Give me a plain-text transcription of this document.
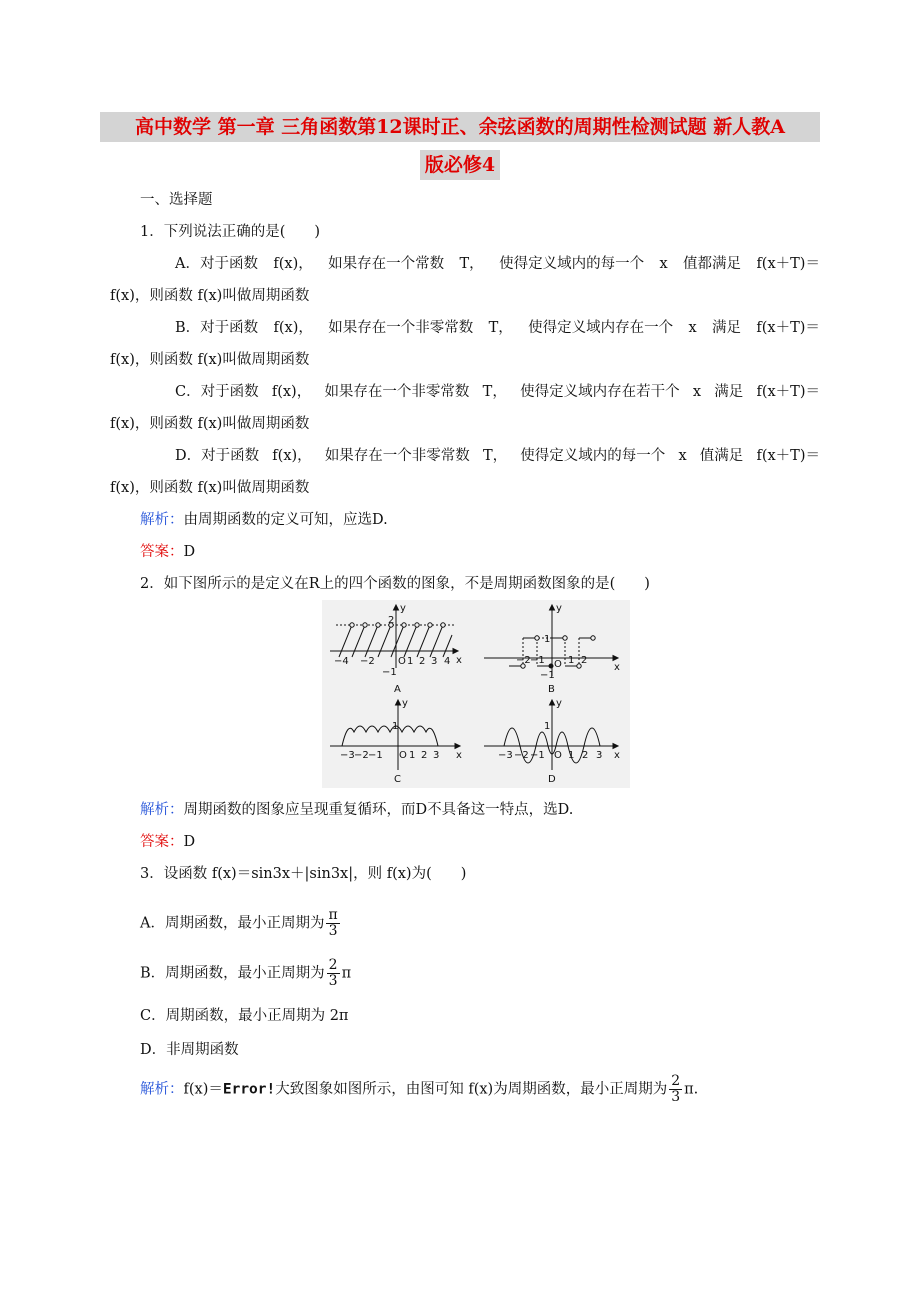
高中数学 第一章 三角函数第12课时正、余弦函数的周期性检测试题 新人教A
版必修4
一、选择题
1．下列说法正确的是(　　)
A．对于函数 f(x)， 如果存在一个常数 T， 使得定义域内的每一个 x 值都满足 f(x＋T)＝
f(x)，则函数 f(x)叫做周期函数
B．对于函数 f(x)， 如果存在一个非零常数 T， 使得定义域内存在一个 x 满足 f(x＋T)＝
f(x)，则函数 f(x)叫做周期函数
C．对于函数 f(x)， 如果存在一个非零常数 T， 使得定义域内存在若干个 x 满足 f(x＋T)＝
f(x)，则函数 f(x)叫做周期函数
D．对于函数 f(x)， 如果存在一个非零常数 T， 使得定义域内的每一个 x 值满足 f(x＋T)＝
f(x)，则函数 f(x)叫做周期函数
解析：由周期函数的定义可知，应选D.
答案：D
2．如下图所示的是定义在R上的四个函数的图象，不是周期函数图象的是(　　)
x
y
2
−4 −2 O 1 2 3 4
−1
A
x
y
1
−2 −1 O 1 2
−1
B
x
y
1
−3 −2 −1 O 1 2 3
C
x
y
1
−3 −2 −1 O 1 2 3
D
解析：周期函数的图象应呈现重复循环，而D不具备这一特点，选D.
答案：D
3．设函数 f(x)＝sin3x＋|sin3x|，则 f(x)为(　　)
A．周期函数，最小正周期为 $\frac{\pi}{3}$
B．周期函数，最小正周期为 $\frac{2}{3}$ π
C．周期函数，最小正周期为 2π
D．非周期函数
解析：f(x)＝Error!大致图象如图所示，由图可知 f(x)为周期函数，最小正周期为 $\frac{2}{3} \pi$.
